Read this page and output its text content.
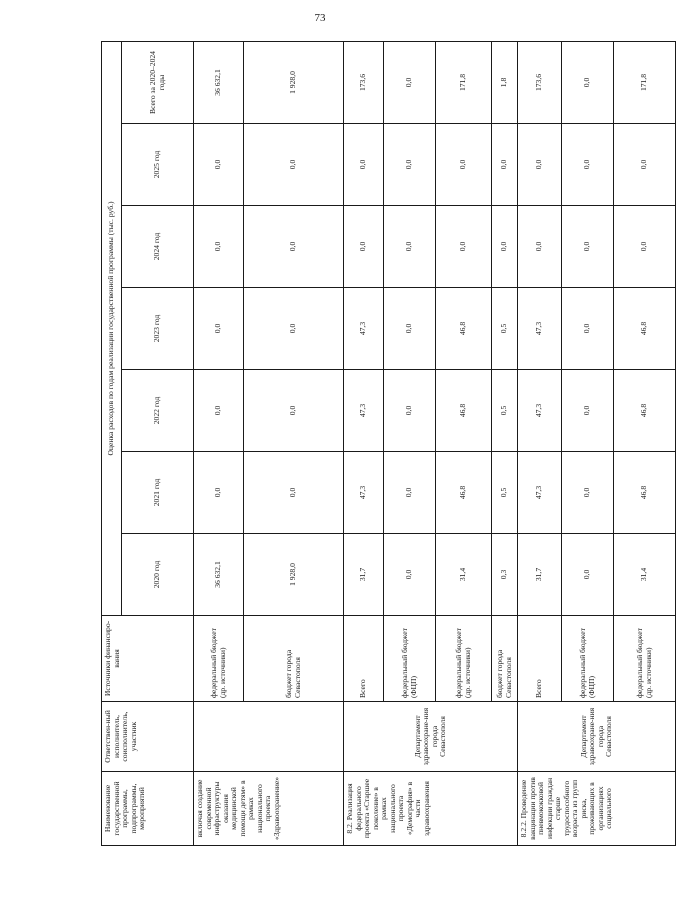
73
Наименование государственной программы, подпрограммы, мероприятий	Ответствен-ный исполнитель, соисполнитель, участник	Источники финансиро-вания	Оценка расходов по годам реализации государственной программы (тыс. руб.)						
			2020 год	2021 год	2022 год	2023 год	2024 год	2025 год	Всего за 2020–2024 годы
включая создание современной инфраструктуры оказания медицинской помощи детям» в рамках национального проекта «Здравоохранение»		федеральный бюджет (др. источники)	36 632,1	0,0	0,0	0,0	0,0	0,0	36 632,1
		бюджет города Севастополя	1 928,0	0,0	0,0	0,0	0,0	0,0	1 928,0
8.2. Реализация федерального проекта «Старшее поколение» в рамках национального проекта «Демография» в части здравоохранения	Департамент здравоохране-ния города Севастополя	Всего	31,7	47,3	47,3	47,3	0,0	0,0	173,6
		федеральный бюджет (ФЦП)	0,0	0,0	0,0	0,0	0,0	0,0	0,0
		федеральный бюджет (др. источники)	31,4	46,8	46,8	46,8	0,0	0,0	171,8
		бюджет города Севастополя	0,3	0,5	0,5	0,5	0,0	0,0	1,8
8.2.2. Проведение вакцинации против пневмококковой инфекции граждан старше трудоспособного возраста из групп риска, проживающих в организациях социального	Департамент здравоохране-ния города Севастополя	Всего	31,7	47,3	47,3	47,3	0,0	0,0	173,6
		федеральный бюджет (ФЦП)	0,0	0,0	0,0	0,0	0,0	0,0	0,0
		федеральный бюджет (др. источники)	31,4	46,8	46,8	46,8	0,0	0,0	171,8
